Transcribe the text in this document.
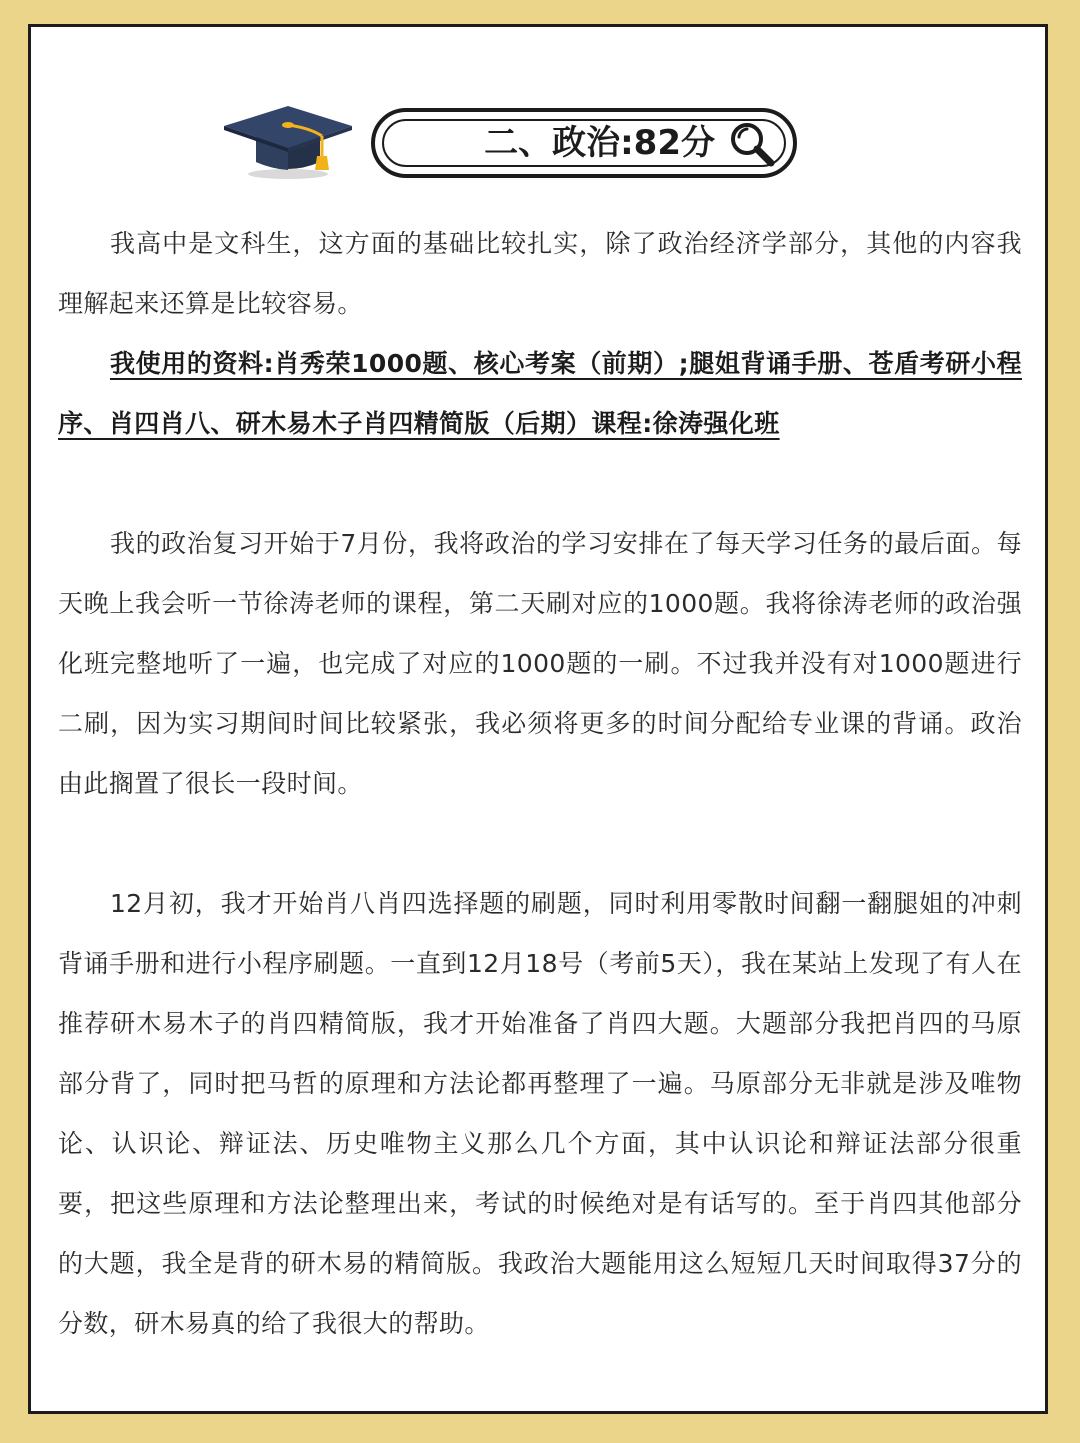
二、政治:82分

我高中是文科生，这方面的基础比较扎实，除了政治经济学部分，其他的内容我理解起来还算是比较容易。

我使用的资料:肖秀荣1000题、核心考案（前期）;腿姐背诵手册、苍盾考研小程序、肖四肖八、研木易木子肖四精简版（后期）课程:徐涛强化班

我的政治复习开始于7月份，我将政治的学习安排在了每天学习任务的最后面。每天晚上我会听一节徐涛老师的课程，第二天刷对应的1000题。我将徐涛老师的政治强化班完整地听了一遍，也完成了对应的1000题的一刷。不过我并没有对1000题进行二刷，因为实习期间时间比较紧张，我必须将更多的时间分配给专业课的背诵。政治由此搁置了很长一段时间。

12月初，我才开始肖八肖四选择题的刷题，同时利用零散时间翻一翻腿姐的冲刺背诵手册和进行小程序刷题。一直到12月18号（考前5天），我在某站上发现了有人在推荐研木易木子的肖四精简版，我才开始准备了肖四大题。大题部分我把肖四的马原部分背了，同时把马哲的原理和方法论都再整理了一遍。马原部分无非就是涉及唯物论、认识论、辩证法、历史唯物主义那么几个方面，其中认识论和辩证法部分很重要，把这些原理和方法论整理出来，考试的时候绝对是有话写的。至于肖四其他部分的大题，我全是背的研木易的精简版。我政治大题能用这么短短几天时间取得37分的分数，研木易真的给了我很大的帮助。
